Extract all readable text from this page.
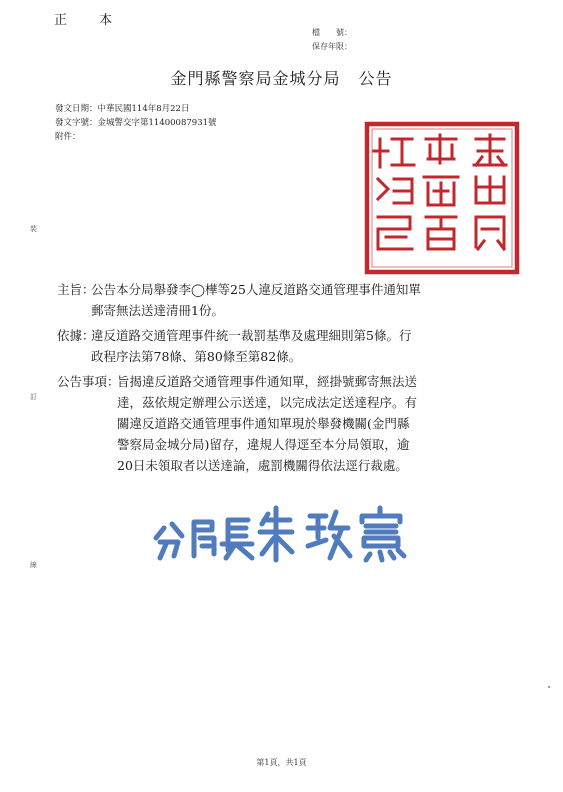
正 本
檔　　號：
保存年限：
金門縣警察局金城分局 公告
發文日期：中華民國114年8月22日
發文字號：金城警交字第11400087931號
附件：
裝
訂
線
主旨：
公告本分局舉發李◯樺等25人違反道路交通管理事件通知單
郵寄無法送達清冊1份。
依據：
違反道路交通管理事件統一裁罰基準及處理細則第5條。行
政程序法第78條、第80條至第82條。
公告事項：
旨揭違反道路交通管理事件通知單，經掛號郵寄無法送
達，茲依規定辦理公示送達，以完成法定送達程序。有
關違反道路交通管理事件通知單現於舉發機關(金門縣
警察局金城分局)留存，違規人得逕至本分局領取，逾
20日未領取者以送達論，處罰機關得依法逕行裁處。
第1頁，共1頁
